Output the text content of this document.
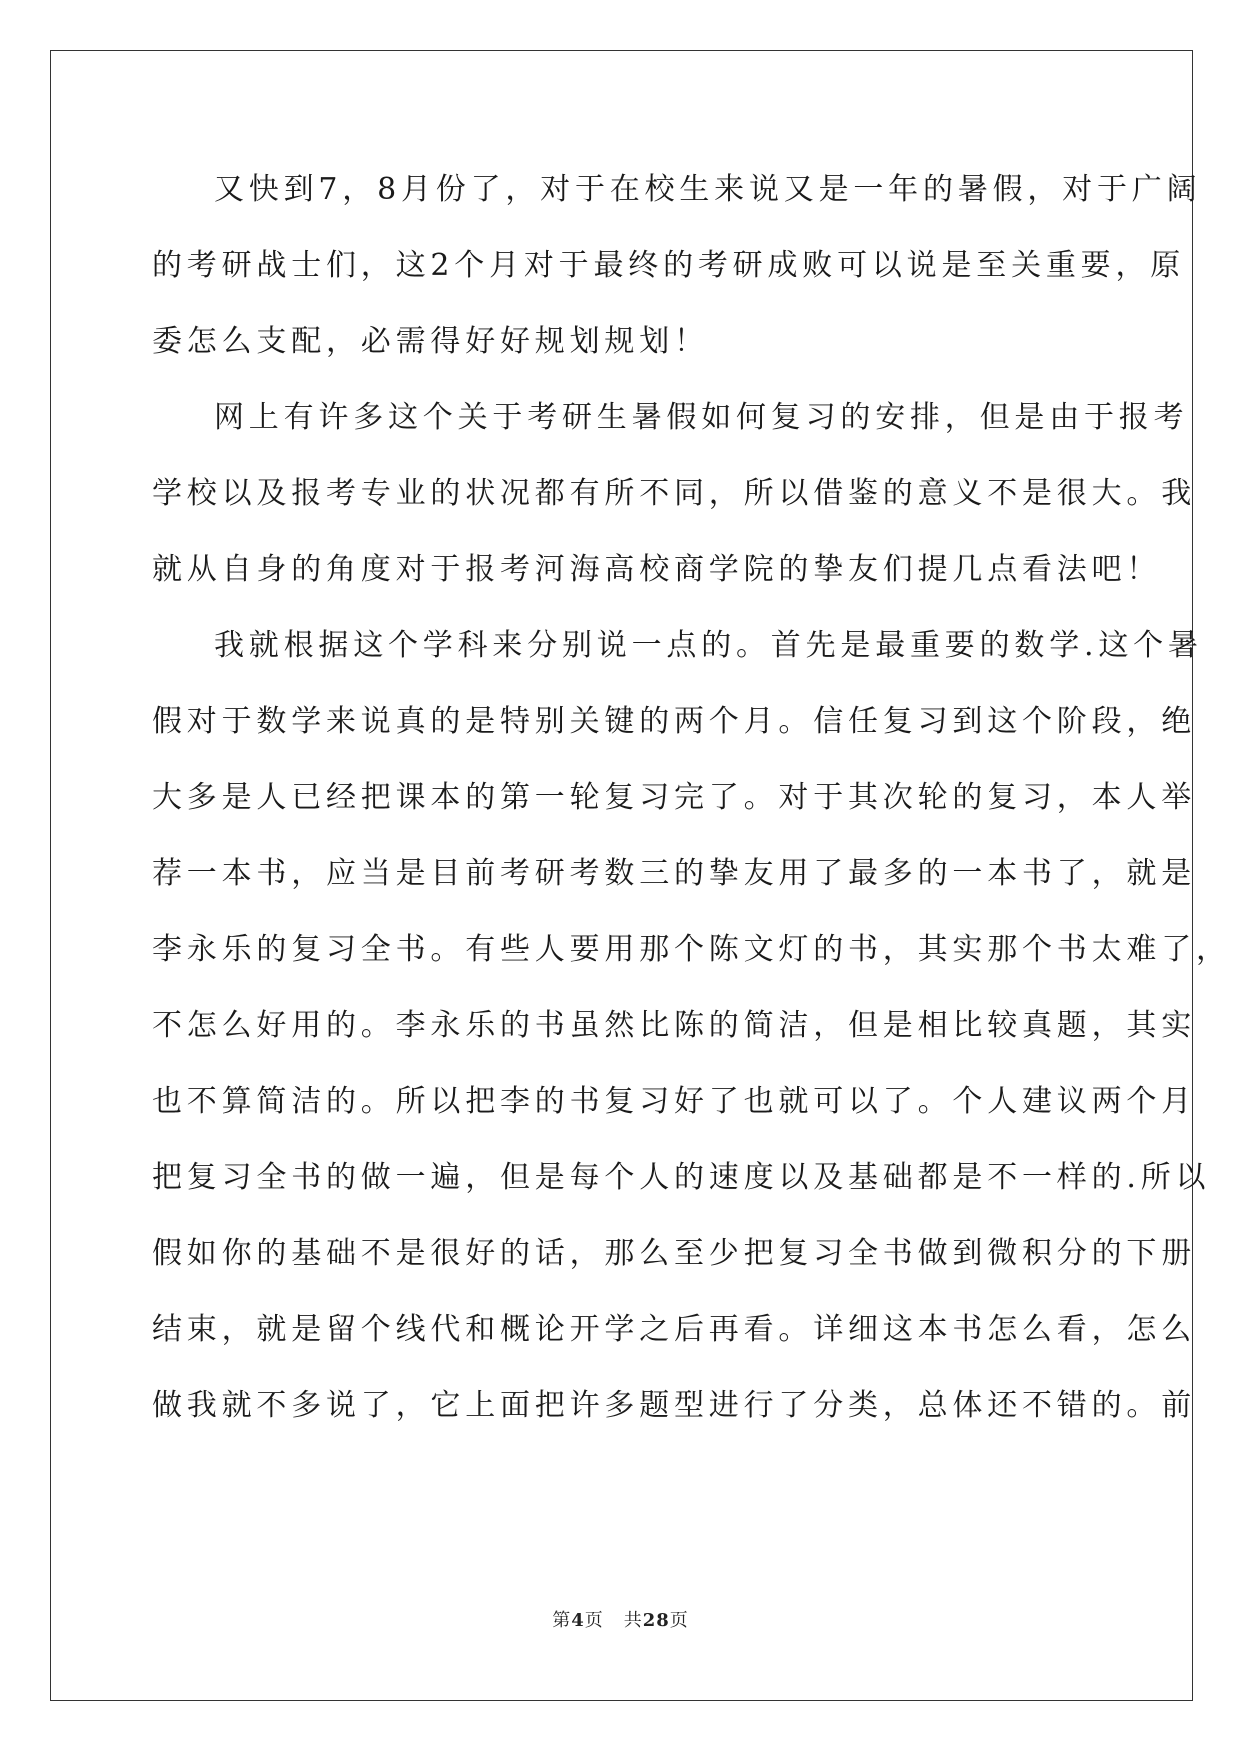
又快到7，8月份了，对于在校生来说又是一年的暑假，对于广阔
的考研战士们，这2个月对于最终的考研成败可以说是至关重要，原
委怎么支配，必需得好好规划规划！
网上有许多这个关于考研生暑假如何复习的安排，但是由于报考
学校以及报考专业的状况都有所不同，所以借鉴的意义不是很大。我
就从自身的角度对于报考河海高校商学院的挚友们提几点看法吧！
我就根据这个学科来分别说一点的。首先是最重要的数学.这个暑
假对于数学来说真的是特别关键的两个月。信任复习到这个阶段，绝
大多是人已经把课本的第一轮复习完了。对于其次轮的复习，本人举
荐一本书，应当是目前考研考数三的挚友用了最多的一本书了，就是
李永乐的复习全书。有些人要用那个陈文灯的书，其实那个书太难了，
不怎么好用的。李永乐的书虽然比陈的简洁，但是相比较真题，其实
也不算简洁的。所以把李的书复习好了也就可以了。个人建议两个月
把复习全书的做一遍，但是每个人的速度以及基础都是不一样的.所以
假如你的基础不是很好的话，那么至少把复习全书做到微积分的下册
结束，就是留个线代和概论开学之后再看。详细这本书怎么看，怎么
做我就不多说了，它上面把许多题型进行了分类，总体还不错的。前
第4页 共28页
